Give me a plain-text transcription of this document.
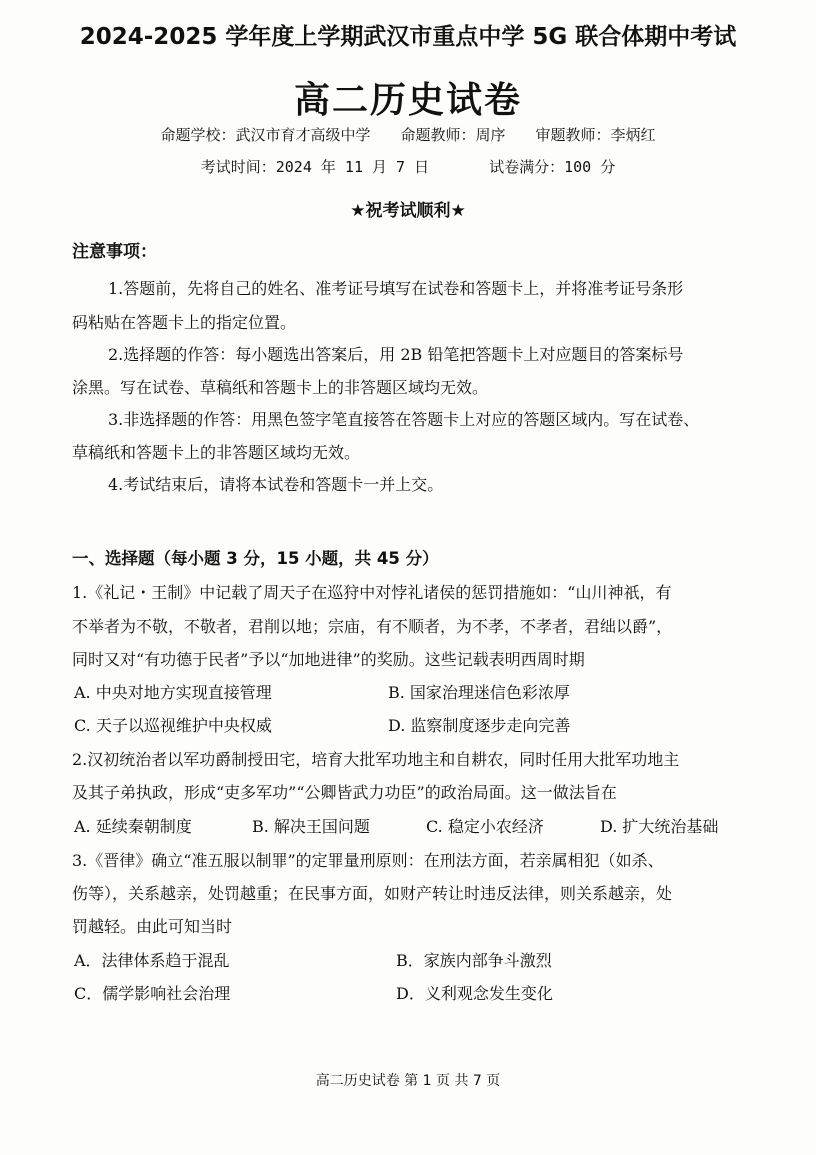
2024-2025 学年度上学期武汉市重点中学 5G 联合体期中考试
高二历史试卷
命题学校：武汉市育才高级中学　　命题教师：周序　　审题教师：李炳红
考试时间：2024 年 11 月 7 日　　　　试卷满分：100 分
★祝考试顺利★
注意事项：
1.答题前，先将自己的姓名、准考证号填写在试卷和答题卡上，并将准考证号条形
码粘贴在答题卡上的指定位置。
2.选择题的作答：每小题选出答案后，用 2B 铅笔把答题卡上对应题目的答案标号
涂黑。写在试卷、草稿纸和答题卡上的非答题区域均无效。
3.非选择题的作答：用黑色签字笔直接答在答题卡上对应的答题区域内。写在试卷、
草稿纸和答题卡上的非答题区域均无效。
4.考试结束后，请将本试卷和答题卡一并上交。
一、选择题（每小题 3 分，15 小题，共 45 分）
1.《礼记・王制》中记载了周天子在巡狩中对悖礼诸侯的惩罚措施如：“山川神祇，有
不举者为不敬，不敬者，君削以地；宗庙，有不顺者，为不孝，不孝者，君绌以爵”，
同时又对“有功德于民者”予以“加地进律”的奖励。这些记载表明西周时期
A. 中央对地方实现直接管理	B. 国家治理迷信色彩浓厚
C. 天子以巡视维护中央权威	D. 监察制度逐步走向完善
2.汉初统治者以军功爵制授田宅，培育大批军功地主和自耕农，同时任用大批军功地主
及其子弟执政，形成“吏多军功”“公卿皆武力功臣”的政治局面。这一做法旨在
A. 延续秦朝制度	B. 解决王国问题	C. 稳定小农经济	D. 扩大统治基础
3.《晋律》确立“准五服以制罪”的定罪量刑原则：在刑法方面，若亲属相犯（如杀、
伤等），关系越亲，处罚越重；在民事方面，如财产转让时违反法律，则关系越亲，处
罚越轻。由此可知当时
A．法律体系趋于混乱	B．家族内部争斗激烈
C．儒学影响社会治理	D．义利观念发生变化
高二历史试卷 第 1 页 共 7 页
